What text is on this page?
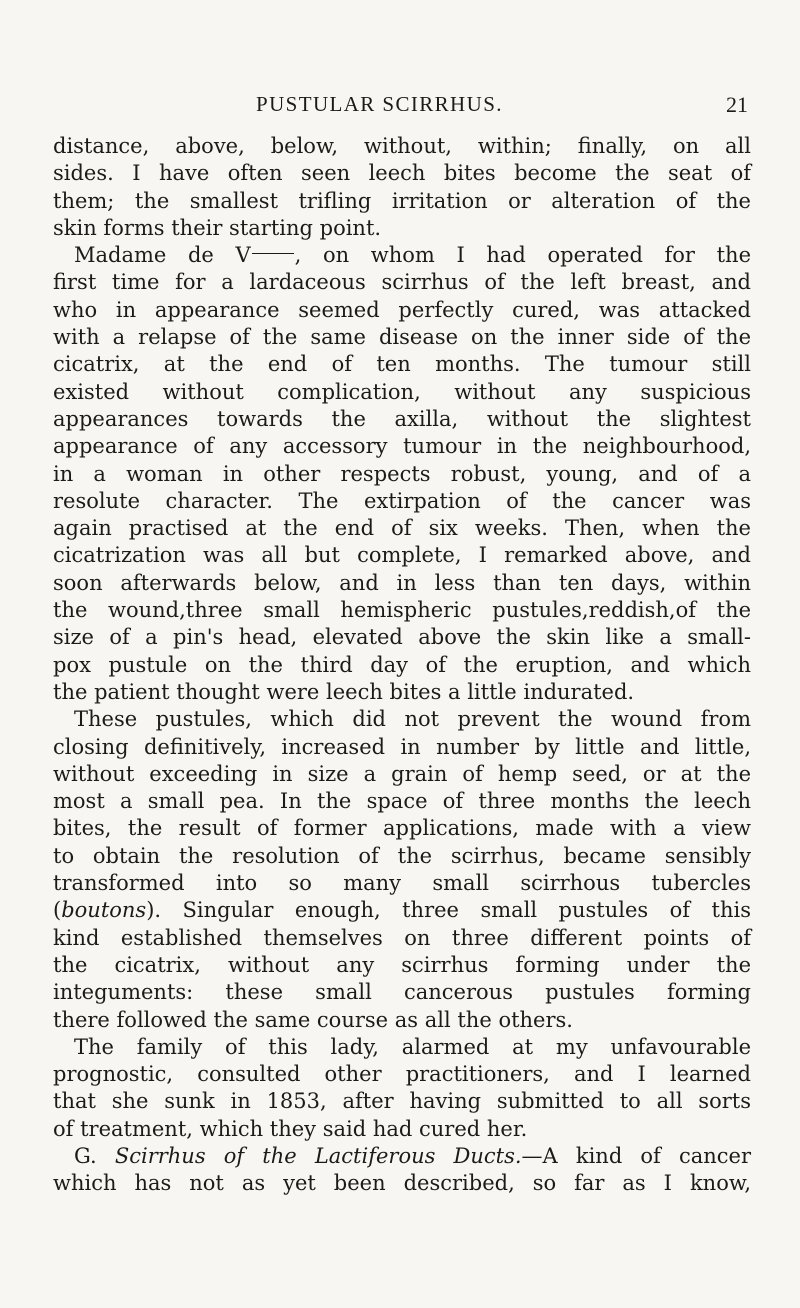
PUSTULAR SCIRRHUS.	21
distance, above, below, without, within; finally, on all
sides. I have often seen leech bites become the seat of
them; the smallest trifling irritation or alteration of the
skin forms their starting point.
Madame de V , on whom I had operated for the
first time for a lardaceous scirrhus of the left breast, and
who in appearance seemed perfectly cured, was attacked
with a relapse of the same disease on the inner side of the
cicatrix, at the end of ten months. The tumour still
existed without complication, without any suspicious
appearances towards the axilla, without the slightest
appearance of any accessory tumour in the neighbourhood,
in a woman in other respects robust, young, and of a
resolute character. The extirpation of the cancer was
again practised at the end of six weeks. Then, when the
cicatrization was all but complete, I remarked above, and
soon afterwards below, and in less than ten days, within
the wound,three small hemispheric pustules,reddish,of the
size of a pin's head, elevated above the skin like a small-
pox pustule on the third day of the eruption, and which
the patient thought were leech bites a little indurated.
These pustules, which did not prevent the wound from
closing definitively, increased in number by little and little,
without exceeding in size a grain of hemp seed, or at the
most a small pea. In the space of three months the leech
bites, the result of former applications, made with a view
to obtain the resolution of the scirrhus, became sensibly
transformed into so many small scirrhous tubercles
(boutons). Singular enough, three small pustules of this
kind established themselves on three different points of
the cicatrix, without any scirrhus forming under the
integuments: these small cancerous pustules forming
there followed the same course as all the others.
The family of this lady, alarmed at my unfavourable
prognostic, consulted other practitioners, and I learned
that she sunk in 1853, after having submitted to all sorts
of treatment, which they said had cured her.
G. Scirrhus of the Lactiferous Ducts.—A kind of cancer
which has not as yet been described, so far as I know,
